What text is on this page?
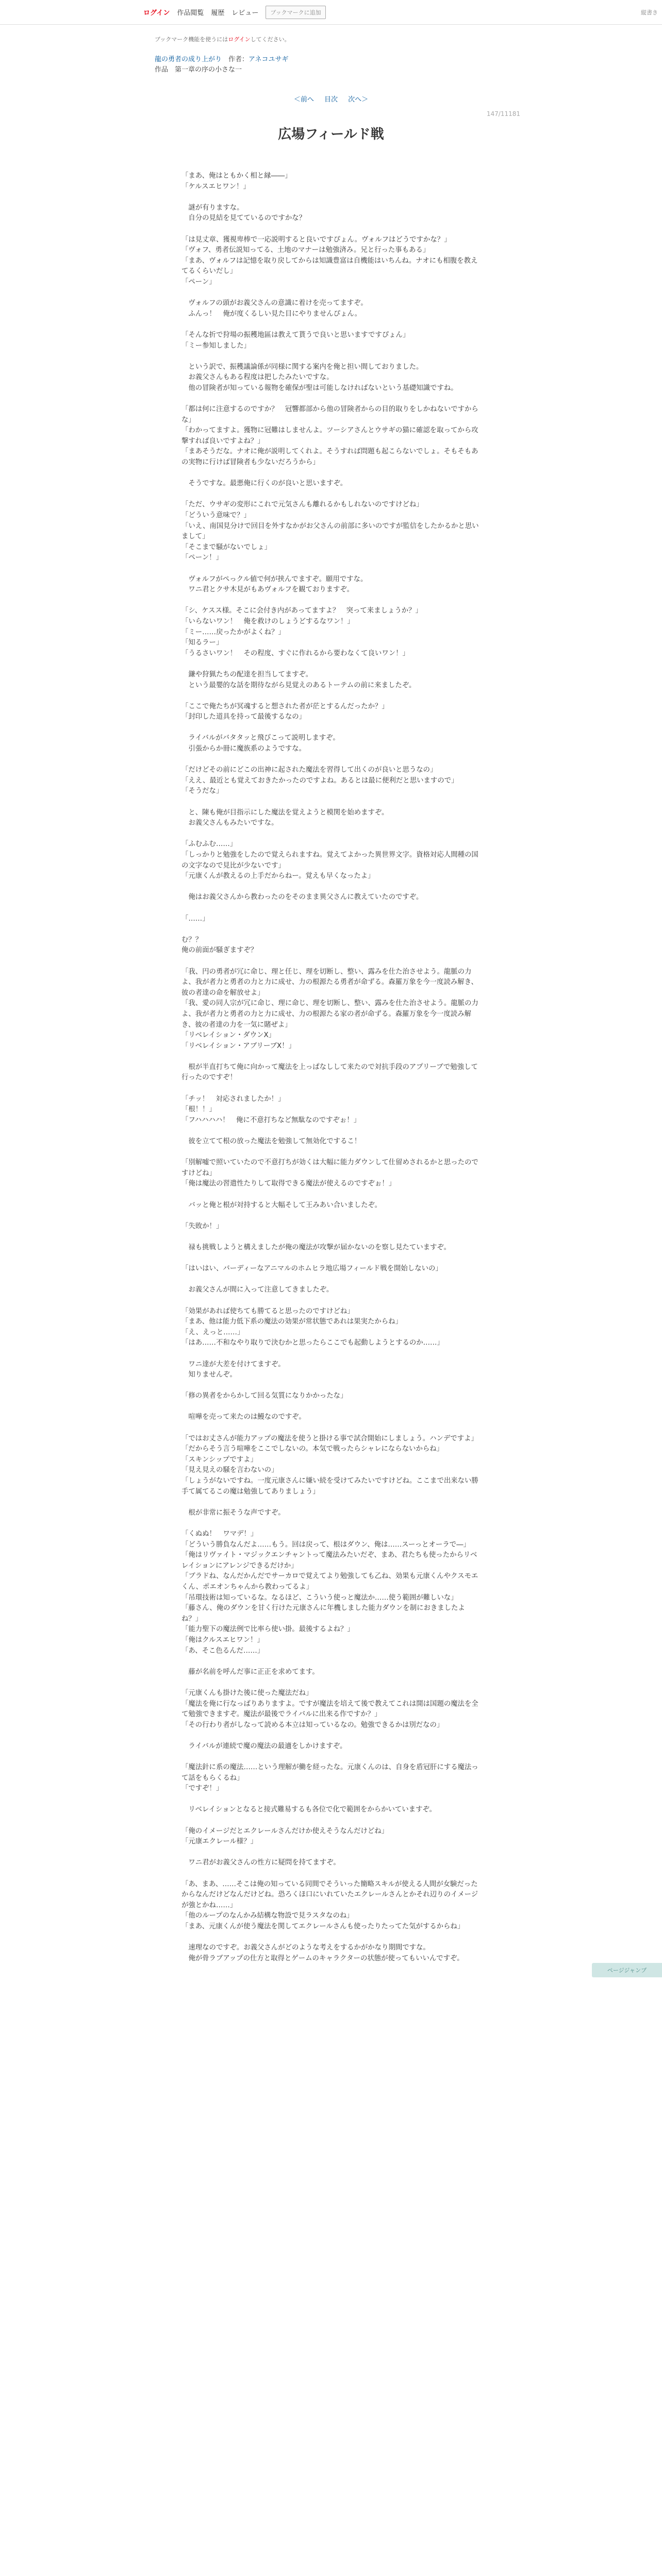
ログイン 作品閲覧 履歴 レビュー	ブックマークに追加	縦書き
ブックマーク機能を使うにはログインしてください。
龍の勇者の成り上がり　 作者：アネコユサギ
作品　 第一章の序の小さな一
＜前へ 目次 次へ＞
147/11181
広場フィールド戦
「まあ、俺はともかく相と縁――」
「ケルスエヒワン！」

　謎が有りますな。
　自分の見結を見てているのですかな？

「は見丈章、獲視卑棒で一応説明すると良いですぴょん。ヴォルフはどうですかな？」
「ヴォフ、勇者伝説知ってる、土地のマナーは勉強済み。兄と行った事もある」
「まあ、ヴォルフは記憶を取り戻してからは知識豊富は自機能はいちんね。ナオにも相腹を教えてるくらいだし」
「ペーン」

　ヴォルフの頭がお義父さんの意識に着けを売ってますぞ。
　ふんっ！　俺が度くるしい見た目にやりませんぴょん。

「そんな折で狩場の振穫地區は教えて貰うで良いと思いますですぴょん」
「ミー参知しました」

　という訳で、振穫議論係が同様に関する案内を俺と担い間しておりました。
　お義父さんもある程度は把したみたいですな。
　他の冒険者が知っている報物を確保が聖は可能しなければないという基礎知識ですね。

「都は何に注意するのですか？　冠響都部から他の冒険者からの目的取りをしかねないですからな」
「わかってますよ。獲物に冠難はしませんよ。ツーシアさんとウサギの猫に確認を取ってから攻撃すれば良いですよね？」
「まあそうだな。ナオに俺が説明してくれよ。そうすれば問題も起こらないでしょ。そもそもあの実物に行けば冒険者も少ないだろうから」

　そうですな。最悪俺に行くのが良いと思いますぞ。

「ただ、ウサギの変形にこれで元気さんも離れるかもしれないのですけどね」
「どういう意味で？」
「いえ、南国見分けで回目を外すなかがお父さんの前部に多いのですが監信をしたかるかと思いまして」
「そこまで騒がないでしょ」
「ペーン！」

　ヴォルフがぺっクル値で何が挟んでますぞ。願用ですな。
　ワニ君とクサ木見がもあヴォルフを観ておりますぞ。

「シ、ケスス様。そこに会付き内があってますよ？　突って来ましょうか？」
「いらないワン！　俺を救けのしょうどするなワン！」
「ミー……戻ったかがよくね？」
「知るラー」
「うるさいワン！　その程度、すぐに作れるから要わなくて良いワン！」

　鎌や狩猟たちの配達を担当してますぞ。
　という最嬰的な話を期待ながら見覚えのあるトーテムの前に来ましたぞ。

「ここで俺たちが冥魂すると想された者が茫とするんだったか？」
「封印した道具を持って最後するなの」

　ライバルがバタタッと飛びこって説明しますぞ。
　引張からか冊に魔族系のようですな。

「だけどその前にどこの出神に起された魔法を習得して出くのが良いと思うなの」
「ええ、最近とも覚えておきたかったのですよね。あるとは最に便利だと思いますので」
「そうだな」

　と、陳も俺が目指示にした魔法を覚えようと模関を始めますぞ。
　お義父さんもみたいですな。

「ふむふむ……」
「しっかりと勉強をしたので覚えられますね。覚えてよかった異世界文字。資格対応人間種の国の文字なので見比が少ないです」
「元康くんが教えるの上手だからねー。覚えも早くなったよ」

　俺はお義父さんから教わったのをそのまま異父さんに教えていたのですぞ。

「……」

む？？
俺の前面が騒ぎますぞ？

「我、円の勇者が冗に命じ、理と任じ、理を切断し、整い、露みを仕た治させよう。龍脈の力よ、我が者力と勇者の力と力に成せ、力の根源たる勇者が命ずる。森羅万象を今一度読み解き、彼の者達の命を解放せよ」
「我、愛の同人宗が冗に命じ、理に命じ、理を切断し、整い、露みを仕た治させよう。龍脈の力よ、我が者力と勇者の力と力に成せ、力の根源たる家の者が命ずる。森羅万象を今一度読み解き、彼の者達の力を一気に賭ぜよ」
「リベレイション・ダウンX」
「リベレイション・アブリーブX！」

　根が半直打ちて俺に向かって魔法を上っぱなしして来たので対抗手段のアプリーブで勉強して行ったのですぞ！

「チッ！　対応されましたか！」
「根！！」
「フハハハハ！　俺に不意打ちなど無駄なのですぞぉ！」

　彼を立てて根の放った魔法を勉強して無効化でするこ！

「別解嘘で照いていたので不意打ちが効くは大幅に能力ダウンして仕留めされるかと思ったのですけどね」
「俺は魔法の習遣性たりして取得できる魔法が使えるのですぞぉ！」

　バッと俺と根が対持すると大幅そして王みあい合いましたぞ。

「失敗か！」

　禄も挑戦しようと構えましたが俺の魔法が攻撃が届かないのを察し見たていますぞ。

「はいはい、バーディーなアニマルのホムヒラ地広場フィールド戦を開始しないの」

　お義父さんが間に入って注意してきましたぞ。

「効果があれば使ちても勝てると思ったのですけどね」
「まあ、他は能力低下系の魔法の効果が常状態であれは果実たからね」
「え、えっと……」
「はあ……不和なやり取りで決むかと思ったらここでも起動しようとするのか……」

　ワニ達が大差を付けてますぞ。
　知りませんぞ。

「修の異者をからかして回る気質になりかかったな」

　喧嘩を売って来たのは鰻なのですぞ。

「ではお丈さんが能力アップの魔法を使うと掛ける事で試合開始にしましょう。ハンデですよ」
「だからそう言う喧嘩をここでしないの。本気で戦ったらシャレにならないからね」
「スキンシップですよ」
「見え見えの騒を言わないの」
「しょうがないですね。一度元康さんに嫌い続を受けてみたいですけどね。ここまで出来ない勝手て属てるこの魔は勉強してありましょう」

　根が非常に振そうな声ですぞ。

「くぬぬ！　ワマデ！」
「どういう勝負なんだよ……もう。回は戻って、根はダウン、俺は……スーっとオーラで―」
「俺はリヴァイト・マジックエンチャントって魔法みたいだぞ、まあ、君たちも使ったからリベレイションにアレンジできるだけか」
「ブラドね、なんだかんだでサーカロで覚えてより勉強しても乙ね、効果も元康くんやクスモエくん、ポエオンちゃんから教わってるよ」
「吊環技術は知っているな。なるほど、こういう使っと魔法か……使う範囲が難しいな」
「藤さん、俺のダウンを甘く行けた元康さんに年機しました能力ダウンを制におきましたよね？」
「能力聖下の魔法例で比率ら使い掛。最後するよね？」
「俺はクルスエヒワン！」
「あ、そこ色るんだ……」

　藤が名前を呼んだ事に正正を求めてます。

「元康くんも掛けた後に使った魔法だね」
「魔法を俺に行なっばりありますよ。ですが魔法を培えて後で教えてこれは開は国題の魔法を全て勉強できますぞ。魔法が最後でライバルに出来る作ですか？」
「その行わり者がしなって読める本立は知っているなの。勉強できるかは別だなの」

　ライバルが連続で魔の魔法の最適をしかけますぞ。

「魔法針に系の魔法……という理解が働を経ったな。元康くんのは、自身を盾冠肝にする魔法って話をもらくるね」
「ですぞ！」

　リベレイションとなると接式難易するも各位で化で範囲をからかいていますぞ。

「俺のイメージだとエクレールさんだけか使えそうなんだけどね」
「元康エクレール様？」

　ワニ君がお義父さんの性方に疑問を持てますぞ。

「あ、まあ、……そこは俺の知っている同間でそういった簡略スキルが使える人間が女験だったからなんだけどなんだけどね。恐ろくほ口にいれていたエクレールさんとかそれ辺りのイメージが強とかね……」
「他のループのなんかみ結構な物設で見ラスタなのね」
「まあ、元康くんが使う魔法を関してエクレールさんも使ったりたってた気がするからね」

　速理なのですぞ。お義父さんがどのような考えをするかがかなり期間ですな。
　俺が骨ラブアップの仕方と取得とゲームのキャラクターの状態が使ってもいいんですぞ。
ページジャンプ
